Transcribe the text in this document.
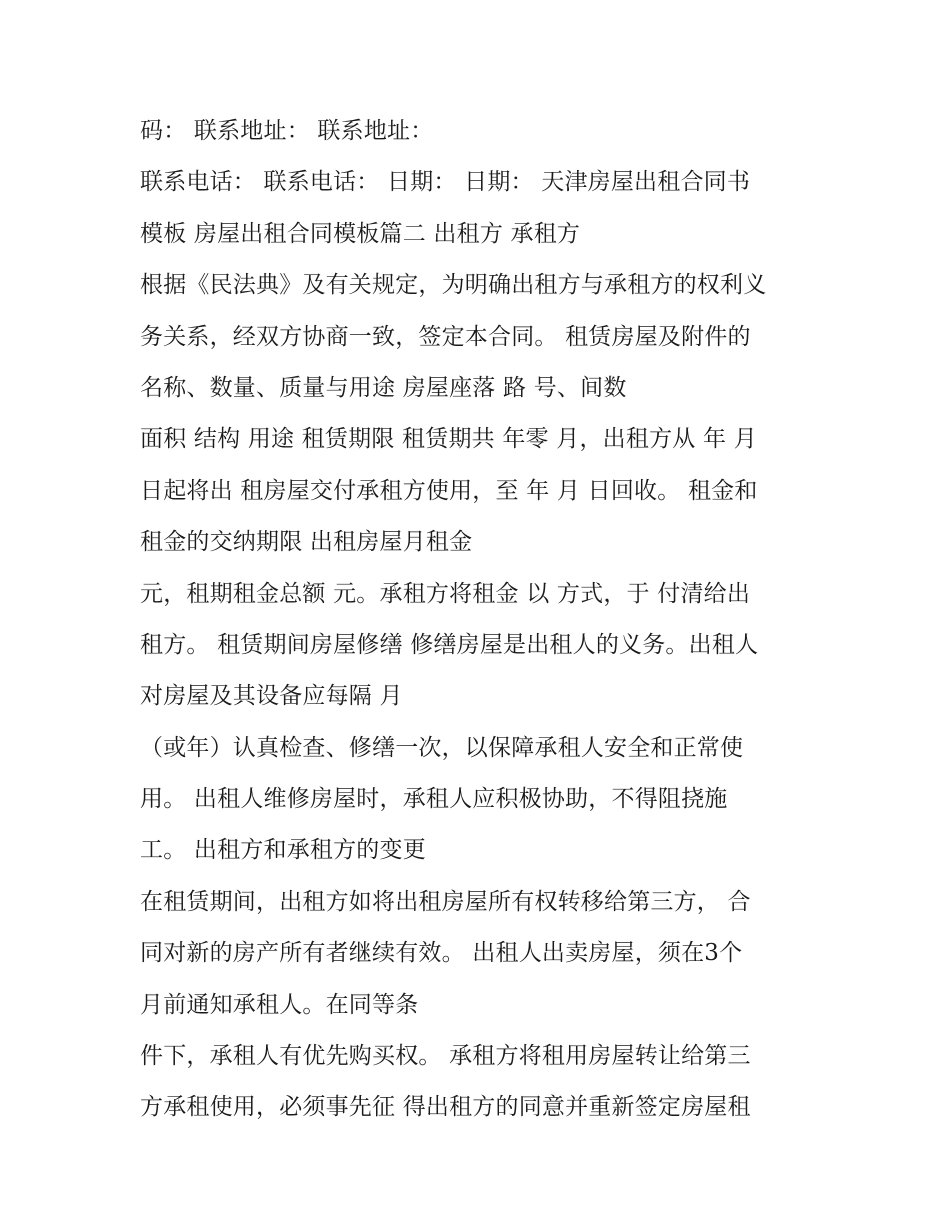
码： 联系地址： 联系地址：
联系电话： 联系电话： 日期： 日期： 天津房屋出租合同书
模板 房屋出租合同模板篇二 出租方 承租方
根据《民法典》及有关规定，为明确出租方与承租方的权利义
务关系，经双方协商一致，签定本合同。 租赁房屋及附件的
名称、数量、质量与用途 房屋座落 路 号、间数
面积 结构 用途 租赁期限 租赁期共 年零 月，出租方从 年 月
日起将出 租房屋交付承租方使用，至 年 月 日回收。 租金和
租金的交纳期限 出租房屋月租金
元，租期租金总额 元。承租方将租金 以 方式，于 付清给出
租方。 租赁期间房屋修缮 修缮房屋是出租人的义务。出租人
对房屋及其设备应每隔 月
（或年）认真检查、修缮一次，以保障承租人安全和正常使
用。 出租人维修房屋时，承租人应积极协助，不得阻挠施
工。 出租方和承租方的变更
在租赁期间，出租方如将出租房屋所有权转移给第三方， 合
同对新的房产所有者继续有效。 出租人出卖房屋，须在3个
月前通知承租人。在同等条
件下，承租人有优先购买权。 承租方将租用房屋转让给第三
方承租使用，必须事先征 得出租方的同意并重新签定房屋租
